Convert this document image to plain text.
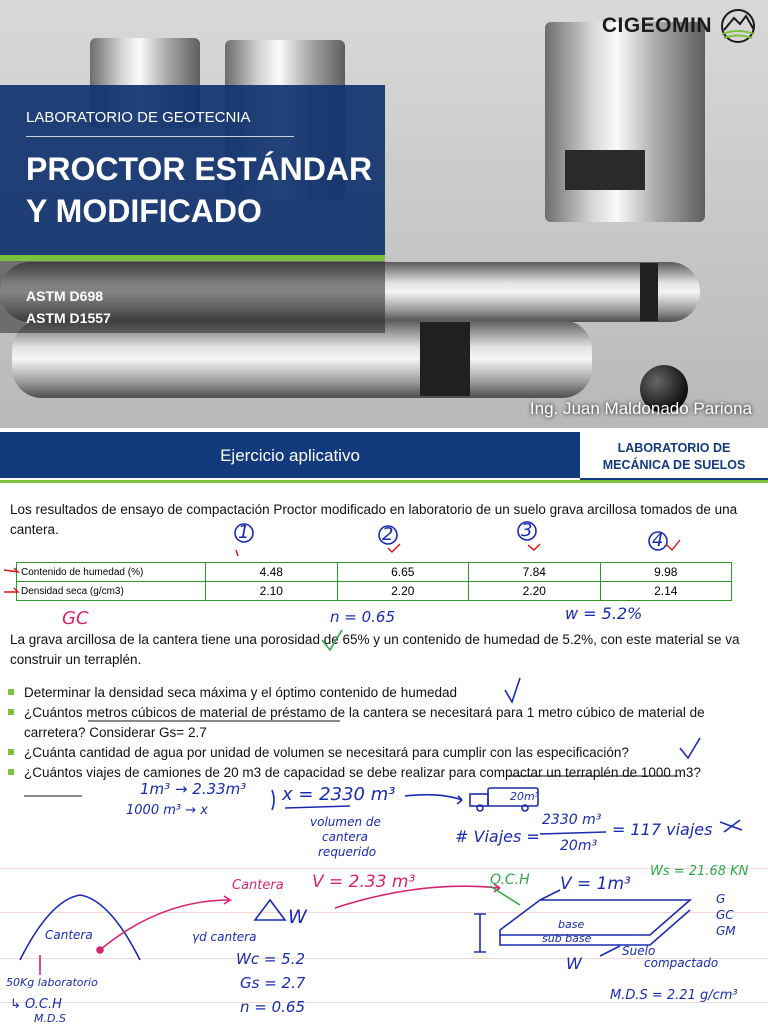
CIGEOMIN
LABORATORIO DE GEOTECNIA
PROCTOR ESTÁNDAR
Y MODIFICADO
ASTM D698
ASTM D1557
Ing. Juan Maldonado Pariona
Ejercicio aplicativo	LABORATORIO DE
MECÁNICA DE SUELOS
Los resultados de ensayo de compactación Proctor modificado en laboratorio de un suelo grava arcillosa tomados de una cantera.
Contenido de humedad (%)	4.48	6.65	7.84	9.98
Densidad seca (g/cm3)	2.10	2.20	2.20	2.14
La grava arcillosa de la cantera tiene una porosidad de 65% y un contenido de humedad de 5.2%, con este material se va construir un terraplén.
Determinar la densidad seca máxima y el óptimo contenido de humedad
¿Cuántos metros cúbicos de material de préstamo de la cantera se necesitará para 1 metro cúbico de material de carretera? Considerar Gs= 2.7
¿Cuánta cantidad de agua por unidad de volumen se necesitará para cumplir con las especificación?
¿Cuántos viajes de camiones de 20 m3 de capacidad se debe realizar para compactar un terraplén de 1000 m3?
1	2	3	4
GC	n = 0.65	w = 5.2%
1m³ → 2.33m³
1000 m³ → x
x = 2330 m³
volumen de
cantera
requerido
20m³
# Viajes =
2330 m³
20m³
= 117 viajes
Cantera V = 2.33 m³
Cantera
W
γd cantera
Wc = 5.2
Gs = 2.7
n = 0.65
50Kg laboratorio
↳ O.C.H
M.D.S
O.C.H V = 1m³
Ws = 21.68 KN
base
sub base
Suelo
compactado
W
G
GC
GM
M.D.S = 2.21 g/cm³
